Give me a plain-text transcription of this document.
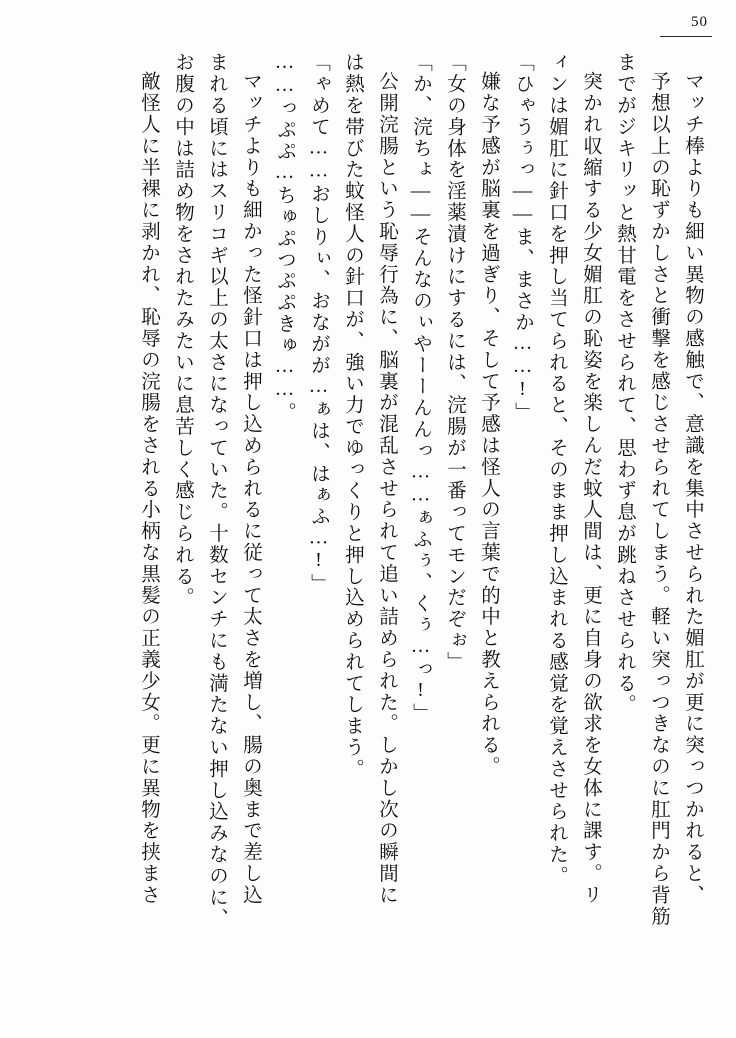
50
マッチ棒よりも細い異物の感触で、意識を集中させられた媚肛が更に突っつかれると、
予想以上の恥ずかしさと衝撃を感じさせられてしまう。軽い突っつきなのに肛門から背筋
までがジキリッと熱甘電をさせられて、思わず息が跳ねさせられる。
突かれ収縮する少女媚肛の恥姿を楽しんだ蚊人間は、更に自身の欲求を女体に課す。リ
ィンは媚肛に針口を押し当てられると、そのまま押し込まれる感覚を覚えさせられた。
「ひゃうぅっ――ま、まさか……!」
嫌な予感が脳裏を過ぎり、そして予感は怪人の言葉で的中と教えられる。
「女の身体を淫薬漬けにするには、浣腸が一番ってモンだぞぉ」
「か、浣ちょ――そんなのぃやーーんんっ……ぁふぅ、くぅ…っ!」
公開浣腸という恥辱行為に、脳裏が混乱させられて追い詰められた。しかし次の瞬間に
は熱を帯びた蚊怪人の針口が、強い力でゆっくりと押し込められてしまう。
「ゃめて……おしりぃ、おながが…ぁは、はぁふ…!」
……っぷぷ…ちゅぷつぷぷきゅ……。
マッチよりも細かった怪針口は押し込められるに従って太さを増し、腸の奥まで差し込
まれる頃にはスリコギ以上の太さになっていた。十数センチにも満たない押し込みなのに、
お腹の中は詰め物をされたみたいに息苦しく感じられる。
敵怪人に半裸に剥かれ、恥辱の浣腸をされる小柄な黒髪の正義少女。更に異物を挟まさ
